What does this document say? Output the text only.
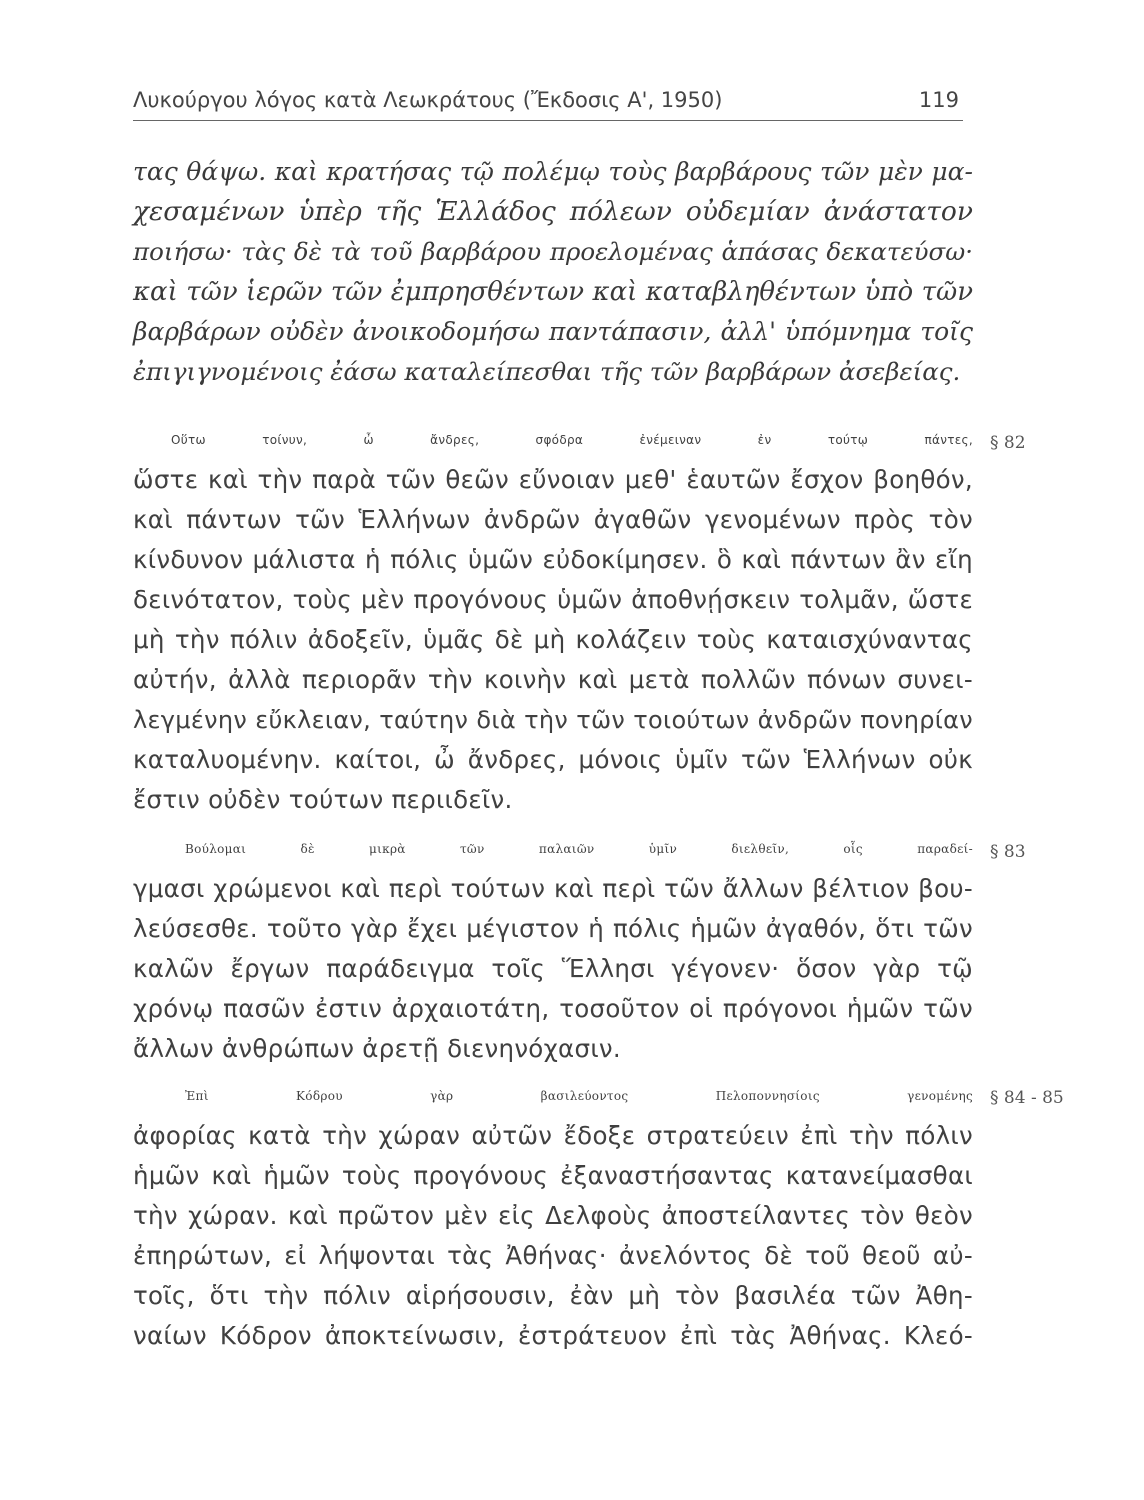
Λυκούργου λόγος κατὰ Λεωκράτους (Ἔκδοσις Α', 1950)	119
τας θάψω. καὶ κρατήσας τῷ πολέμῳ τοὺς βαρβάρους τῶν μὲν μα-
χεσαμένων ὑπὲρ τῆς Ἑλλάδος πόλεων οὐδεμίαν ἀνάστατον
ποιήσω· τὰς δὲ τὰ τοῦ βαρβάρου προελομένας ἁπάσας δεκατεύσω·
καὶ τῶν ἱερῶν τῶν ἐμπρησθέντων καὶ καταβληθέντων ὑπὸ τῶν
βαρβάρων οὐδὲν ἀνοικοδομήσω παντάπασιν, ἀλλ' ὑπόμνημα τοῖς
ἐπιγιγνομένοις ἐάσω καταλείπεσθαι τῆς τῶν βαρβάρων ἀσεβείας.
§ 82
Οὕτω τοίνυν, ὦ ἄνδρες, σφόδρα ἐνέμειναν ἐν τούτῳ πάντες,
ὥστε καὶ τὴν παρὰ τῶν θεῶν εὔνοιαν μεθ' ἑαυτῶν ἔσχον βοηθόν,
καὶ πάντων τῶν Ἑλλήνων ἀνδρῶν ἀγαθῶν γενομένων πρὸς τὸν
κίνδυνον μάλιστα ἡ πόλις ὑμῶν εὐδοκίμησεν. ὃ καὶ πάντων ἂν εἴη
δεινότατον, τοὺς μὲν προγόνους ὑμῶν ἀποθνῄσκειν τολμᾶν, ὥστε
μὴ τὴν πόλιν ἀδοξεῖν, ὑμᾶς δὲ μὴ κολάζειν τοὺς καταισχύναντας
αὐτήν, ἀλλὰ περιορᾶν τὴν κοινὴν καὶ μετὰ πολλῶν πόνων συνει-
λεγμένην εὔκλειαν, ταύτην διὰ τὴν τῶν τοιούτων ἀνδρῶν πονηρίαν
καταλυομένην. καίτοι, ὦ ἄνδρες, μόνοις ὑμῖν τῶν Ἑλλήνων οὐκ
ἔστιν οὐδὲν τούτων περιιδεῖν.
§ 83
Βούλομαι δὲ μικρὰ τῶν παλαιῶν ὑμῖν διελθεῖν, οἷς παραδεί-
γμασι χρώμενοι καὶ περὶ τούτων καὶ περὶ τῶν ἄλλων βέλτιον βου-
λεύσεσθε. τοῦτο γὰρ ἔχει μέγιστον ἡ πόλις ἡμῶν ἀγαθόν, ὅτι τῶν
καλῶν ἔργων παράδειγμα τοῖς Ἕλλησι γέγονεν· ὅσον γὰρ τῷ
χρόνῳ πασῶν ἐστιν ἀρχαιοτάτη, τοσοῦτον οἱ πρόγονοι ἡμῶν τῶν
ἄλλων ἀνθρώπων ἀρετῇ διενηνόχασιν.
§ 84 - 85
Ἐπὶ Κόδρου γὰρ βασιλεύοντος Πελοποννησίοις γενομένης
ἀφορίας κατὰ τὴν χώραν αὐτῶν ἔδοξε στρατεύειν ἐπὶ τὴν πόλιν
ἡμῶν καὶ ἡμῶν τοὺς προγόνους ἐξαναστήσαντας κατανείμασθαι
τὴν χώραν. καὶ πρῶτον μὲν εἰς Δελφοὺς ἀποστείλαντες τὸν θεὸν
ἐπηρώτων, εἰ λήψονται τὰς Ἀθήνας· ἀνελόντος δὲ τοῦ θεοῦ αὐ-
τοῖς, ὅτι τὴν πόλιν αἱρήσουσιν, ἐὰν μὴ τὸν βασιλέα τῶν Ἀθη-
ναίων Κόδρον ἀποκτείνωσιν, ἐστράτευον ἐπὶ τὰς Ἀθήνας. Κλεό-
